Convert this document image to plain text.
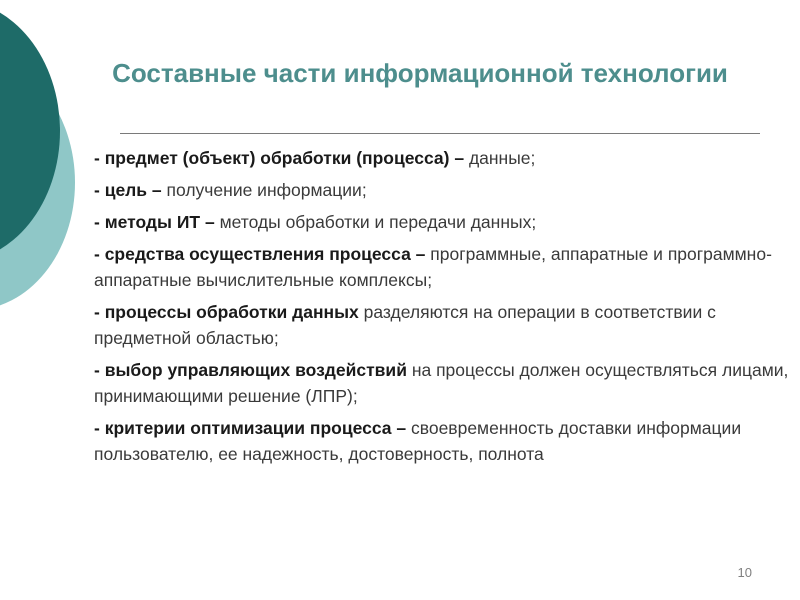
Составные части информационной технологии
- предмет (объект) обработки (процесса) – данные;
- цель – получение информации;
- методы ИТ – методы обработки и передачи данных;
- средства осуществления процесса – программные, аппаратные и программно- аппаратные вычислительные комплексы;
- процессы обработки данных разделяются на операции в соответствии с предметной областью;
- выбор управляющих воздействий на процессы должен осуществляться лицами, принимающими решение (ЛПР);
- критерии оптимизации процесса – своевременность доставки информации пользователю, ее надежность, достоверность, полнота
10
